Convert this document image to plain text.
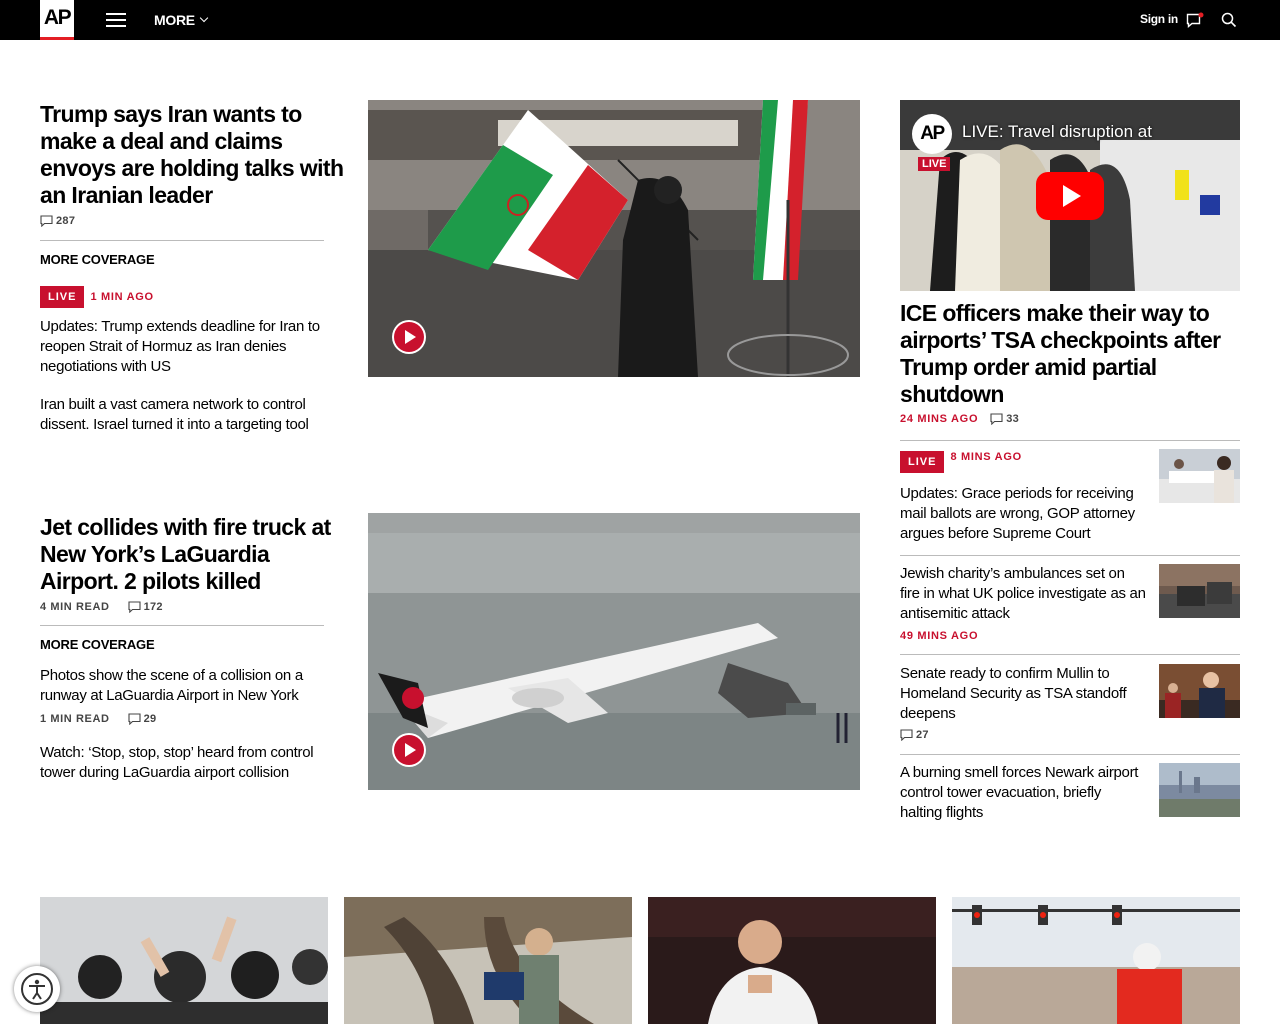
AP	MORE	Sign in
Trump says Iran wants to make a deal and claims envoys are holding talks with an Iranian leader
287
MORE COVERAGE
LIVE	1 MIN AGO
Updates: Trump extends deadline for Iran to reopen Strait of Hormuz as Iran denies negotiations with US
Iran built a vast camera network to control dissent. Israel turned it into a targeting tool
Jet collides with fire truck at New York’s LaGuardia Airport. 2 pilots killed
4 MIN READ	172
MORE COVERAGE
Photos show the scene of a collision on a runway at LaGuardia Airport in New York
1 MIN READ	29
Watch: ‘Stop, stop, stop’ heard from control tower during LaGuardia airport collision
AP
LIVE
LIVE: Travel disruption at
ICE officers make their way to airports’ TSA checkpoints after Trump order amid partial shutdown
24 MINS AGO	33
LIVE	8 MINS AGO
Updates: Grace periods for receiving mail ballots are wrong, GOP attorney argues before Supreme Court
Jewish charity’s ambulances set on fire in what UK police investigate as an antisemitic attack
49 MINS AGO
Senate ready to confirm Mullin to Homeland Security as TSA standoff deepens
27
A burning smell forces Newark airport control tower evacuation, briefly halting flights
